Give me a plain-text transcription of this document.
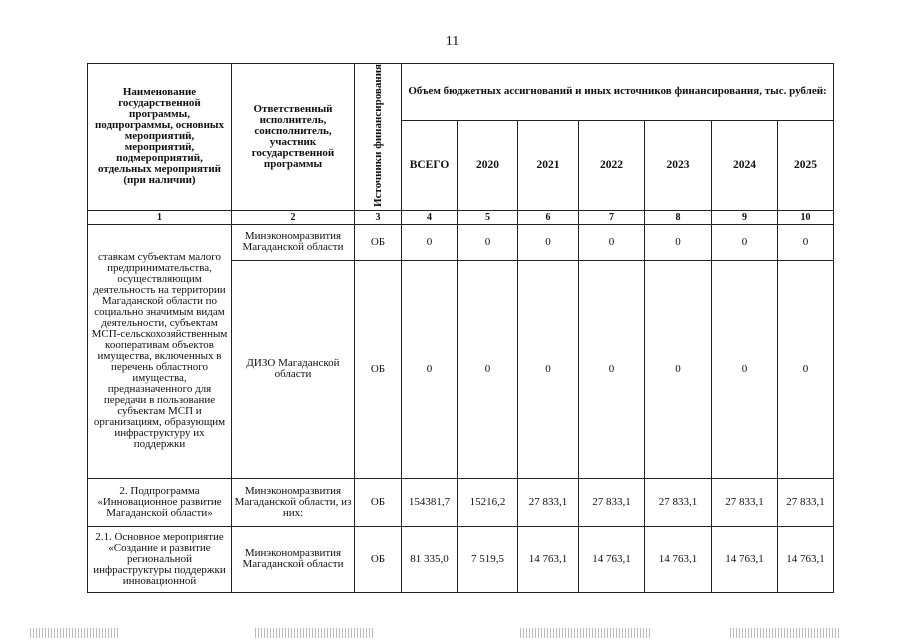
11
Наименование государственной программы, подпрограммы, основных мероприятий, мероприятий, подмероприятий, отдельных мероприятий (при наличии)	Ответственный исполнитель, соисполнитель, участник государственной программы	Источники финансирования	Объем бюджетных ассигнований и иных источников финансирования, тыс. рублей:						
			ВСЕГО	2020	2021	2022	2023	2024	2025
1	2	3	4	5	6	7	8	9	10
ставкам субъектам малого предпринимательства, осуществляющим деятельность на территории Магаданской области по социально значимым видам деятельности, субъектам МСП-сельскохозяйственным кооперативам объектов имущества, включенных в перечень областного имущества, предназначенного для передачи в пользование субъектам МСП и организациям, образующим инфраструктуру их поддержки	Минэкономразвития Магаданской области	ОБ	0	0	0	0	0	0	0
	ДИЗО Магаданской области	ОБ	0	0	0	0	0	0	0
2. Подпрограмма «Инновационное развитие Магаданской области»	Минэкономразвития Магаданской области, из них:	ОБ	154381,7	15216,2	27 833,1	27 833,1	27 833,1	27 833,1	27 833,1
2.1. Основное мероприятие «Создание и развитие региональной инфраструктуры поддержки инновационной	Минэкономразвития Магаданской области	ОБ	81 335,0	7 519,5	14 763,1	14 763,1	14 763,1	14 763,1	14 763,1
